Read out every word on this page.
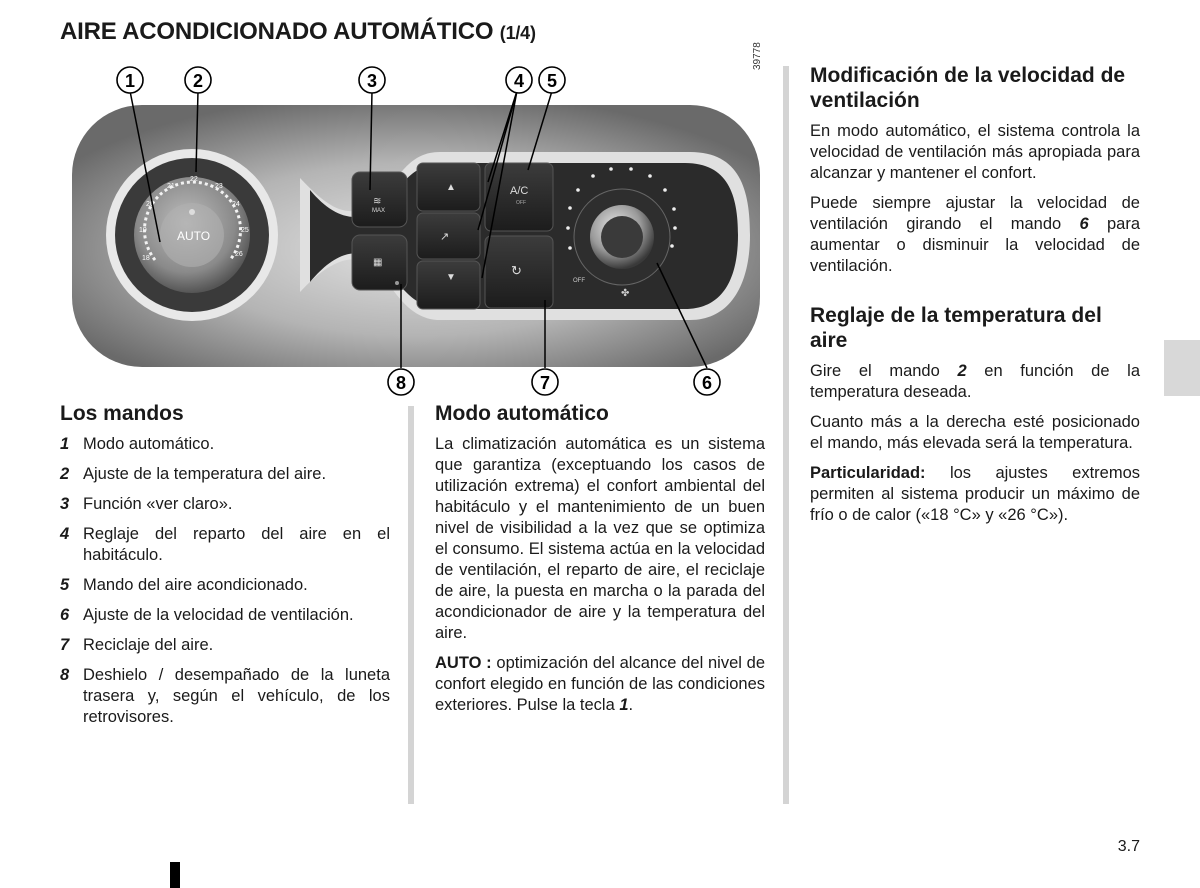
AIRE ACONDICIONADO AUTOMÁTICO (1/4)
AUTO
18
19
20
21
22
23
24
25
26
MAX
≋
▦
▲
↗
▼
A/C
OFF
↻
OFF
✤
1	2	3	4 5
6
7
8
39778
Los mandos
1 Modo automático.
2 Ajuste de la temperatura del aire.
3 Función «ver claro».
4 Reglaje del reparto del aire en el habitáculo.
5 Mando del aire acondicionado.
6 Ajuste de la velocidad de ventilación.
7 Reciclaje del aire.
8 Deshielo / desempañado de la luneta trasera y, según el vehículo, de los retrovisores.
Modo automático

La climatización automática es un sistema que garantiza (exceptuando los casos de utilización extrema) el confort ambiental del habitáculo y el mantenimiento de un buen nivel de visibilidad a la vez que se optimiza el consumo. El sistema actúa en la velocidad de ventilación, el reparto de aire, el reciclaje de aire, la puesta en marcha o la parada del acondicionador de aire y la temperatura del aire.

AUTO : optimización del alcance del nivel de confort elegido en función de las condiciones exteriores. Pulse la tecla 1.

Modificación de la velocidad de ventilación

En modo automático, el sistema controla la velocidad de ventilación más apropiada para alcanzar y mantener el confort.

Puede siempre ajustar la velocidad de ventilación girando el mando 6 para aumentar o disminuir la velocidad de ventilación.

Reglaje de la temperatura del aire

Gire el mando 2 en función de la temperatura deseada.

Cuanto más a la derecha esté posicionado el mando, más elevada será la temperatura.

Particularidad: los ajustes extremos permiten al sistema producir un máximo de frío o de calor («18 °C» y «26 °C»).

3.7
